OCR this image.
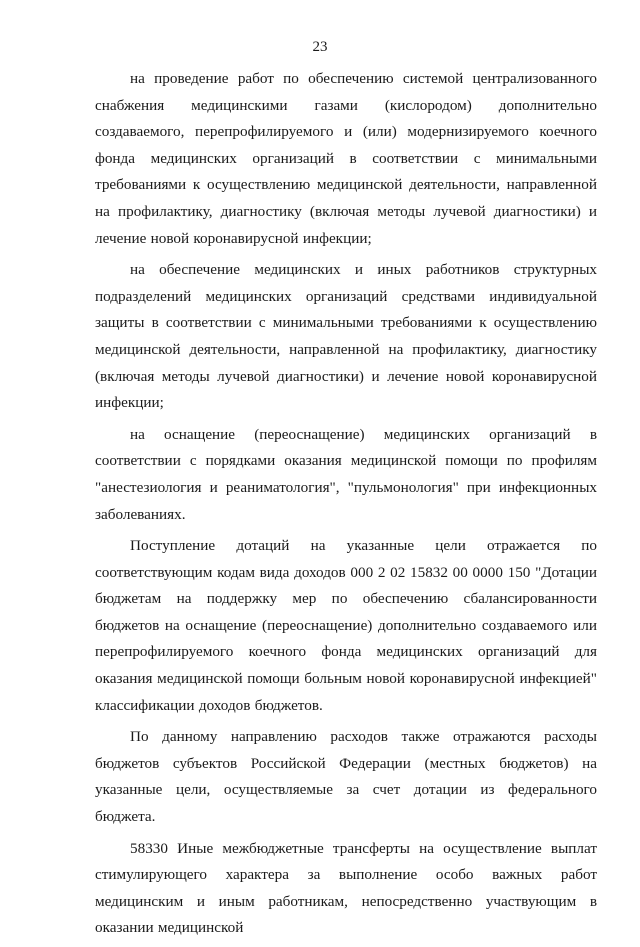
23

на проведение работ по обеспечению системой централизованного снабжения медицинскими газами (кислородом) дополнительно создаваемого, перепрофилируемого и (или) модернизируемого коечного фонда медицинских организаций в соответствии с минимальными требованиями к осуществлению медицинской деятельности, направленной на профилактику, диагностику (включая методы лучевой диагностики) и лечение новой коронавирусной инфекции;

на обеспечение медицинских и иных работников структурных подразделений медицинских организаций средствами индивидуальной защиты в соответствии с минимальными требованиями к осуществлению медицинской деятельности, направленной на профилактику, диагностику (включая методы лучевой диагностики) и лечение новой коронавирусной инфекции;

на оснащение (переоснащение) медицинских организаций в соответствии с порядками оказания медицинской помощи по профилям "анестезиология и реаниматология", "пульмонология" при инфекционных заболеваниях.

Поступление дотаций на указанные цели отражается по соответствующим кодам вида доходов 000 2 02 15832 00 0000 150 "Дотации бюджетам на поддержку мер по обеспечению сбалансированности бюджетов на оснащение (переоснащение) дополнительно создаваемого или перепрофилируемого коечного фонда медицинских организаций для оказания медицинской помощи больным новой коронавирусной инфекцией" классификации доходов бюджетов.

По данному направлению расходов также отражаются расходы бюджетов субъектов Российской Федерации (местных бюджетов) на указанные цели, осуществляемые за счет дотации из федерального бюджета.

58330 Иные межбюджетные трансферты на осуществление выплат стимулирующего характера за выполнение особо важных работ медицинским и иным работникам, непосредственно участвующим в оказании медицинской
